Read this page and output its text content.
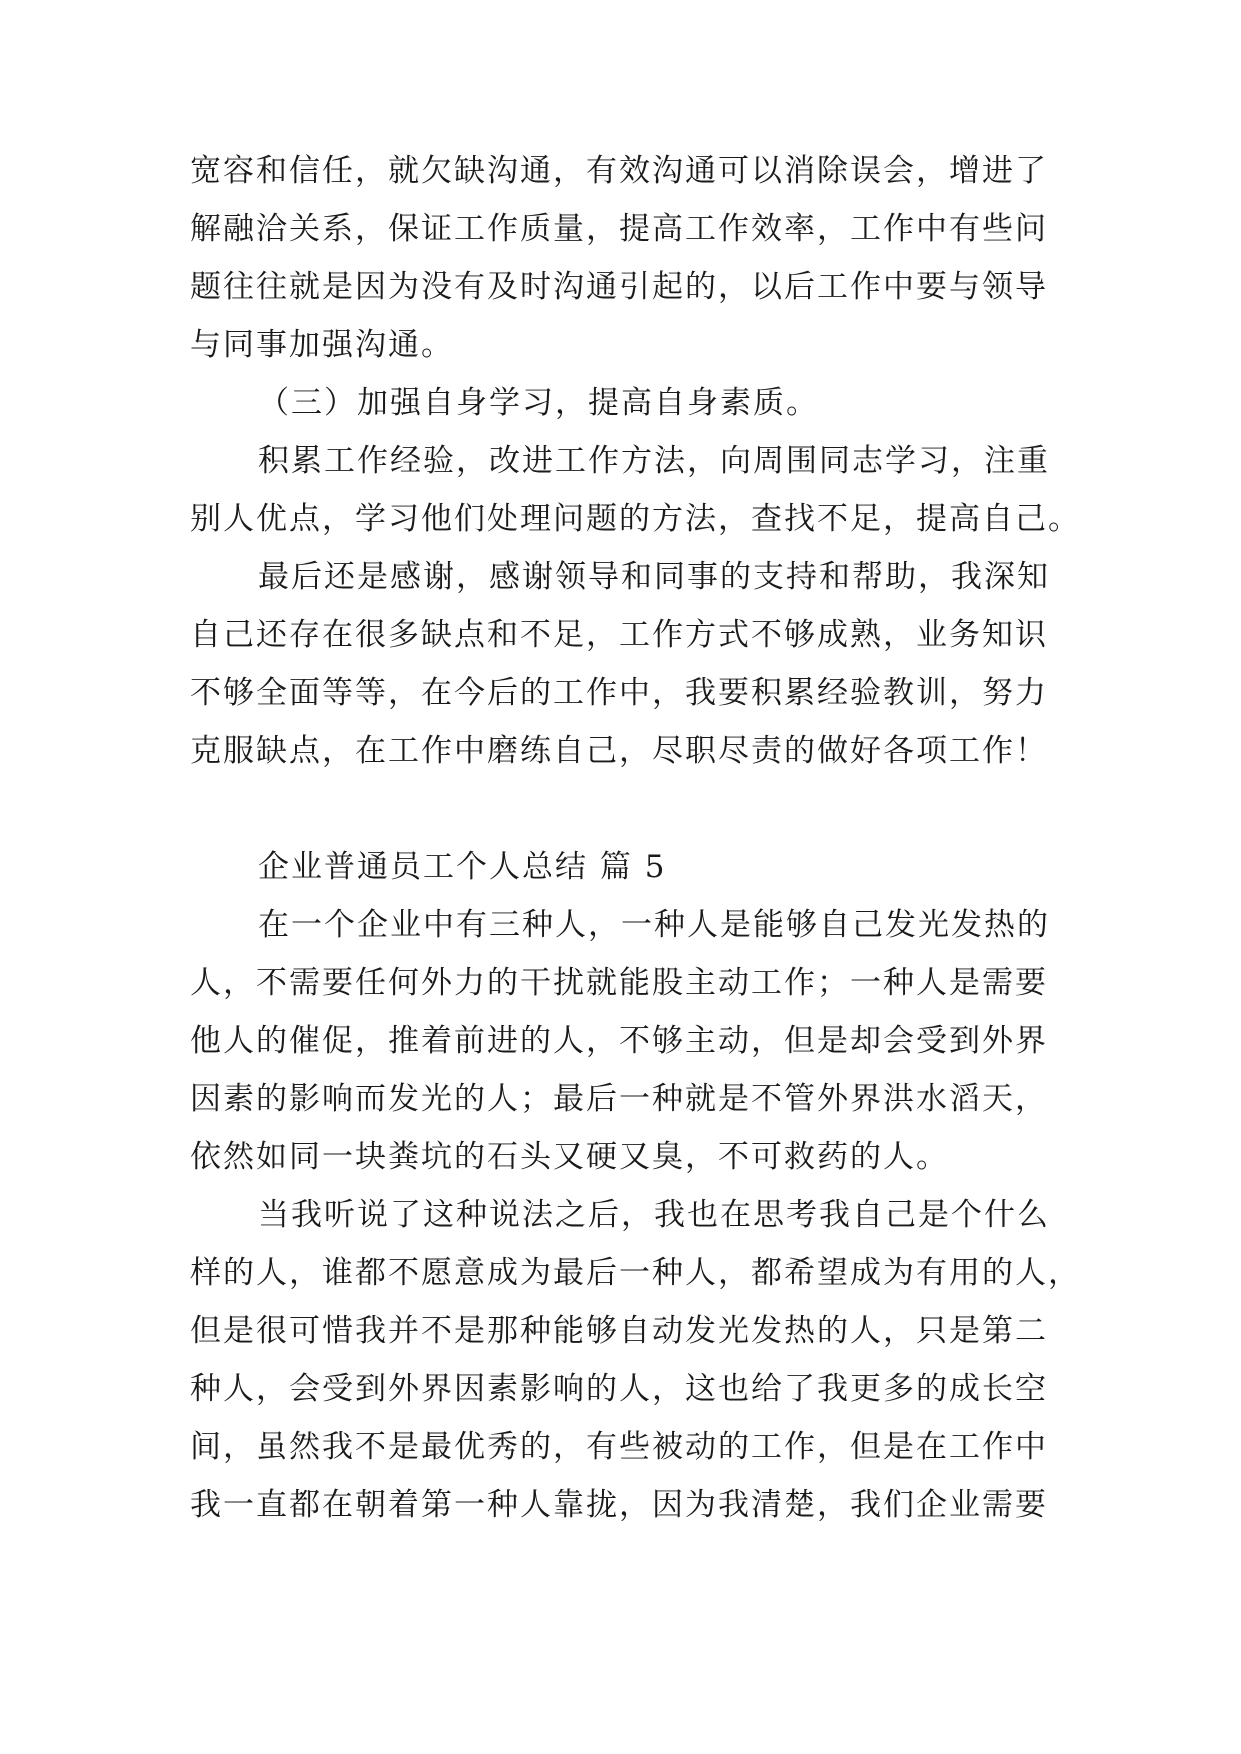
宽容和信任，就欠缺沟通，有效沟通可以消除误会，增进了

解融洽关系，保证工作质量，提高工作效率，工作中有些问

题往往就是因为没有及时沟通引起的，以后工作中要与领导

与同事加强沟通。

（三）加强自身学习，提高自身素质。

积累工作经验，改进工作方法，向周围同志学习，注重

别人优点，学习他们处理问题的方法，查找不足，提高自己。

最后还是感谢，感谢领导和同事的支持和帮助，我深知

自己还存在很多缺点和不足，工作方式不够成熟，业务知识

不够全面等等，在今后的工作中，我要积累经验教训，努力

克服缺点，在工作中磨练自己，尽职尽责的做好各项工作！

企业普通员工个人总结 篇 5

在一个企业中有三种人，一种人是能够自己发光发热的

人，不需要任何外力的干扰就能股主动工作；一种人是需要

他人的催促，推着前进的人，不够主动，但是却会受到外界

因素的影响而发光的人；最后一种就是不管外界洪水滔天，

依然如同一块粪坑的石头又硬又臭，不可救药的人。

当我听说了这种说法之后，我也在思考我自己是个什么

样的人，谁都不愿意成为最后一种人，都希望成为有用的人，

但是很可惜我并不是那种能够自动发光发热的人，只是第二

种人，会受到外界因素影响的人，这也给了我更多的成长空

间，虽然我不是最优秀的，有些被动的工作，但是在工作中

我一直都在朝着第一种人靠拢，因为我清楚，我们企业需要
